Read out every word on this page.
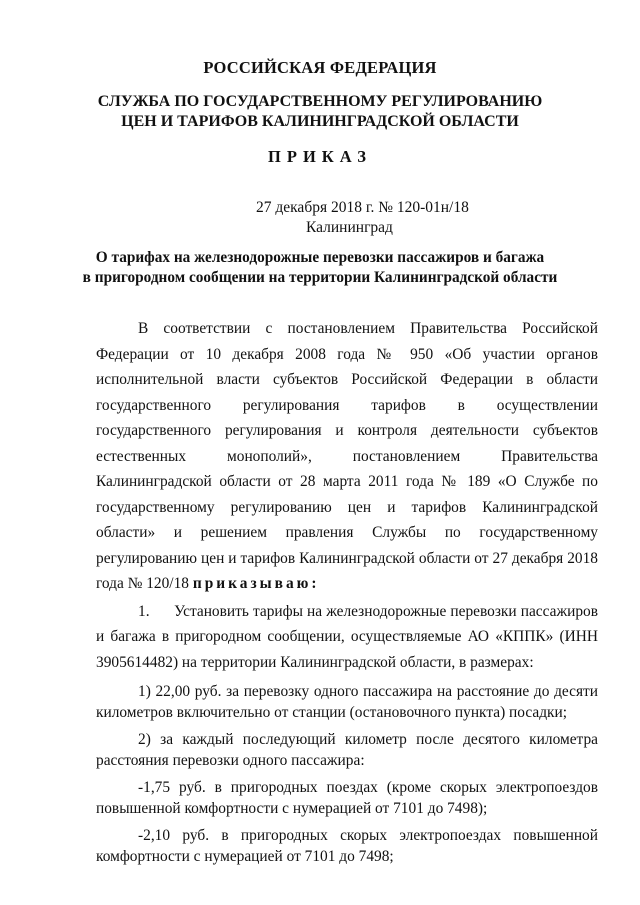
РОССИЙСКАЯ ФЕДЕРАЦИЯ
СЛУЖБА ПО ГОСУДАРСТВЕННОМУ РЕГУЛИРОВАНИЮ
ЦЕН И ТАРИФОВ КАЛИНИНГРАДСКОЙ ОБЛАСТИ
ПРИКАЗ
27 декабря 2018 г. № 120-01н/18
Калининград
О тарифах на железнодорожные перевозки пассажиров и багажа
в пригородном сообщении на территории Калининградской области

В соответствии с постановлением Правительства Российской Федерации от 10 декабря 2008 года № 950 «Об участии органов исполнительной власти субъектов Российской Федерации в области государственного регулирования тарифов в осуществлении государственного регулирования и контроля деятельности субъектов естественных монополий», постановлением Правительства Калининградской области от 28 марта 2011 года № 189 «О Службе по государственному регулированию цен и тарифов Калининградской области» и решением правления Службы по государственному регулированию цен и тарифов Калининградской области от 27 декабря 2018 года № 120/18 приказываю:

1. Установить тарифы на железнодорожные перевозки пассажиров и багажа в пригородном сообщении, осуществляемые АО «КППК» (ИНН 3905614482) на территории Калининградской области, в размерах:

1) 22,00 руб. за перевозку одного пассажира на расстояние до десяти километров включительно от станции (остановочного пункта) посадки;

2) за каждый последующий километр после десятого километра расстояния перевозки одного пассажира:

-1,75 руб. в пригородных поездах (кроме скорых электропоездов повышенной комфортности с нумерацией от 7101 до 7498);

-2,10 руб. в пригородных скорых электропоездах повышенной комфортности с нумерацией от 7101 до 7498;
